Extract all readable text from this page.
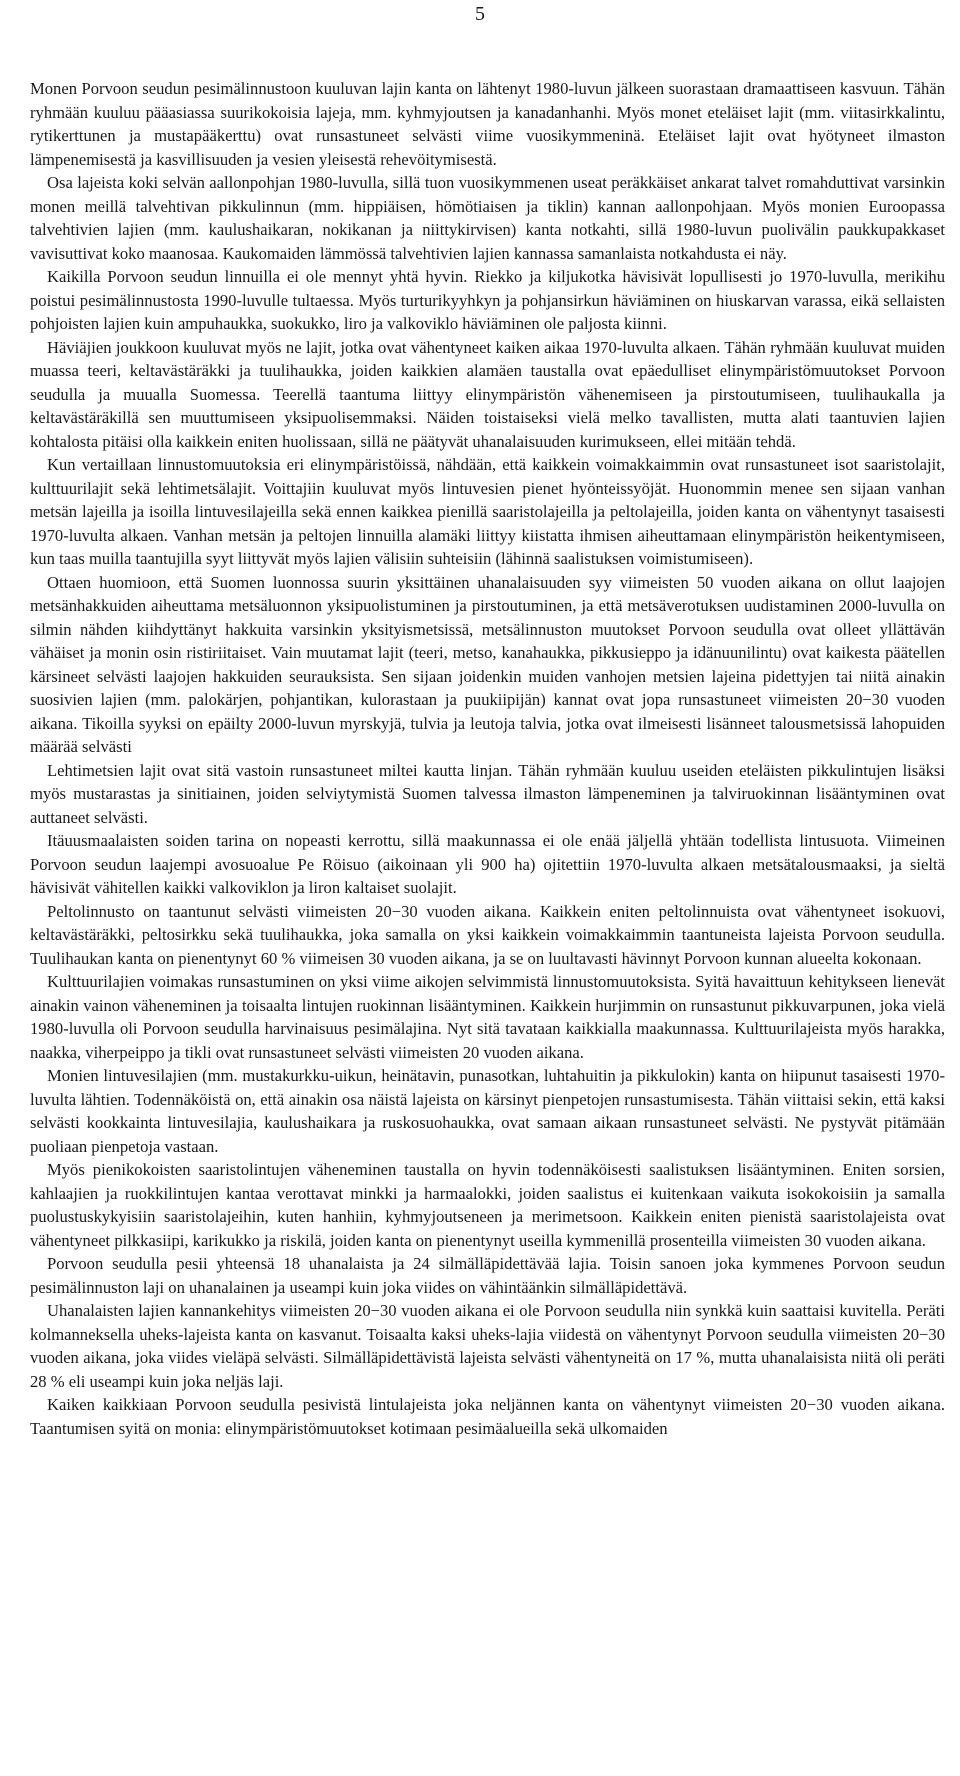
5

Monen Porvoon seudun pesimälinnustoon kuuluvan lajin kanta on lähtenyt 1980-luvun jälkeen suorastaan dramaattiseen kasvuun. Tähän ryhmään kuuluu pääasiassa suurikokoisia lajeja, mm. kyhmyjoutsen ja kanadanhanhi. Myös monet eteläiset lajit (mm. viitasirkkalintu, rytikerttunen ja mustapääkerttu) ovat runsastuneet selvästi viime vuosikymmeninä. Eteläiset lajit ovat hyötyneet ilmaston lämpenemisestä ja kasvillisuuden ja vesien yleisestä rehevöitymisestä.

Osa lajeista koki selvän aallonpohjan 1980-luvulla, sillä tuon vuosikymmenen useat peräkkäiset ankarat talvet romahduttivat varsinkin monen meillä talvehtivan pikkulinnun (mm. hippiäisen, hömötiaisen ja tiklin) kannan aallonpohjaan. Myös monien Euroopassa talvehtivien lajien (mm. kaulushaikaran, nokikanan ja niittykirvisen) kanta notkahti, sillä 1980-luvun puolivälin paukkupakkaset vavisuttivat koko maanosaa. Kaukomaiden lämmössä talvehtivien lajien kannassa samanlaista notkahdusta ei näy.

Kaikilla Porvoon seudun linnuilla ei ole mennyt yhtä hyvin. Riekko ja kiljukotka hävisivät lopullisesti jo 1970-luvulla, merikihu poistui pesimälinnustosta 1990-luvulle tultaessa. Myös turturikyyhkyn ja pohjansirkun häviäminen on hiuskarvan varassa, eikä sellaisten pohjoisten lajien kuin ampuhaukka, suokukko, liro ja valkoviklo häviäminen ole paljosta kiinni.

Häviäjien joukkoon kuuluvat myös ne lajit, jotka ovat vähentyneet kaiken aikaa 1970-luvulta alkaen. Tähän ryhmään kuuluvat muiden muassa teeri, keltavästäräkki ja tuulihaukka, joiden kaikkien alamäen taustalla ovat epäedulliset elinympäristömuutokset Porvoon seudulla ja muualla Suomessa. Teerellä taantuma liittyy elinympäristön vähenemiseen ja pirstoutumiseen, tuulihaukalla ja keltavästäräkillä sen muuttumiseen yksipuolisemmaksi. Näiden toistaiseksi vielä melko tavallisten, mutta alati taantuvien lajien kohtalosta pitäisi olla kaikkein eniten huolissaan, sillä ne päätyvät uhanalaisuuden kurimukseen, ellei mitään tehdä.

Kun vertaillaan linnustomuutoksia eri elinympäristöissä, nähdään, että kaikkein voimakkaimmin ovat runsastuneet isot saaristolajit, kulttuurilajit sekä lehtimetsälajit. Voittajiin kuuluvat myös lintuvesien pienet hyönteissyöjät. Huonommin menee sen sijaan vanhan metsän lajeilla ja isoilla lintuvesilajeilla sekä ennen kaikkea pienillä saaristolajeilla ja peltolajeilla, joiden kanta on vähentynyt tasaisesti 1970-luvulta alkaen. Vanhan metsän ja peltojen linnuilla alamäki liittyy kiistatta ihmisen aiheuttamaan elinympäristön heikentymiseen, kun taas muilla taantujilla syyt liittyvät myös lajien välisiin suhteisiin (lähinnä saalistuksen voimistumiseen).

Ottaen huomioon, että Suomen luonnossa suurin yksittäinen uhanalaisuuden syy viimeisten 50 vuoden aikana on ollut laajojen metsänhakkuiden aiheuttama metsäluonnon yksipuolistuminen ja pirstoutuminen, ja että metsäverotuksen uudistaminen 2000-luvulla on silmin nähden kiihdyttänyt hakkuita varsinkin yksityismetsissä, metsälinnuston muutokset Porvoon seudulla ovat olleet yllättävän vähäiset ja monin osin ristiriitaiset. Vain muutamat lajit (teeri, metso, kanahaukka, pikkusieppo ja idänuunilintu) ovat kaikesta päätellen kärsineet selvästi laajojen hakkuiden seurauksista. Sen sijaan joidenkin muiden vanhojen metsien lajeina pidettyjen tai niitä ainakin suosivien lajien (mm. palokärjen, pohjantikan, kulorastaan ja puukiipijän) kannat ovat jopa runsastuneet viimeisten 20−30 vuoden aikana. Tikoilla syyksi on epäilty 2000-luvun myrskyjä, tulvia ja leutoja talvia, jotka ovat ilmeisesti lisänneet talousmetsissä lahopuiden määrää selvästi

Lehtimetsien lajit ovat sitä vastoin runsastuneet miltei kautta linjan. Tähän ryhmään kuuluu useiden eteläisten pikkulintujen lisäksi myös mustarastas ja sinitiainen, joiden selviytymistä Suomen talvessa ilmaston lämpeneminen ja talviruokinnan lisääntyminen ovat auttaneet selvästi.

Itäuusmaalaisten soiden tarina on nopeasti kerrottu, sillä maakunnassa ei ole enää jäljellä yhtään todellista lintusuota. Viimeinen Porvoon seudun laajempi avosuoalue Pe Röisuo (aikoinaan yli 900 ha) ojitettiin 1970-luvulta alkaen metsätalousmaaksi, ja sieltä hävisivät vähitellen kaikki valkoviklon ja liron kaltaiset suolajit.

Peltolinnusto on taantunut selvästi viimeisten 20−30 vuoden aikana. Kaikkein eniten peltolinnuista ovat vähentyneet isokuovi, keltavästäräkki, peltosirkku sekä tuulihaukka, joka samalla on yksi kaikkein voimakkaimmin taantuneista lajeista Porvoon seudulla. Tuulihaukan kanta on pienentynyt 60 % viimeisen 30 vuoden aikana, ja se on luultavasti hävinnyt Porvoon kunnan alueelta kokonaan.

Kulttuurilajien voimakas runsastuminen on yksi viime aikojen selvimmistä linnustomuutoksista. Syitä havaittuun kehitykseen lienevät ainakin vainon väheneminen ja toisaalta lintujen ruokinnan lisääntyminen. Kaikkein hurjimmin on runsastunut pikkuvarpunen, joka vielä 1980-luvulla oli Porvoon seudulla harvinaisuus pesimälajina. Nyt sitä tavataan kaikkialla maakunnassa. Kulttuurilajeista myös harakka, naakka, viherpeippo ja tikli ovat runsastuneet selvästi viimeisten 20 vuoden aikana.

Monien lintuvesilajien (mm. mustakurkku-uikun, heinätavin, punasotkan, luhtahuitin ja pikkulokin) kanta on hiipunut tasaisesti 1970-luvulta lähtien. Todennäköistä on, että ainakin osa näistä lajeista on kärsinyt pienpetojen runsastumisesta. Tähän viittaisi sekin, että kaksi selvästi kookkainta lintuvesilajia, kaulushaikara ja ruskosuohaukka, ovat samaan aikaan runsastuneet selvästi. Ne pystyvät pitämään puoliaan pienpetoja vastaan.

Myös pienikokoisten saaristolintujen väheneminen taustalla on hyvin todennäköisesti saalistuksen lisääntyminen. Eniten sorsien, kahlaajien ja ruokkilintujen kantaa verottavat minkki ja harmaalokki, joiden saalistus ei kuitenkaan vaikuta isokokoisiin ja samalla puolustuskykyisiin saaristolajeihin, kuten hanhiin, kyhmyjoutseneen ja merimetsoon. Kaikkein eniten pienistä saaristolajeista ovat vähentyneet pilkkasiipi, karikukko ja riskilä, joiden kanta on pienentynyt useilla kymmenillä prosenteilla viimeisten 30 vuoden aikana.

Porvoon seudulla pesii yhteensä 18 uhanalaista ja 24 silmälläpidettävää lajia. Toisin sanoen joka kymmenes Porvoon seudun pesimälinnuston laji on uhanalainen ja useampi kuin joka viides on vähintäänkin silmälläpidettävä.

Uhanalaisten lajien kannankehitys viimeisten 20−30 vuoden aikana ei ole Porvoon seudulla niin synkkä kuin saattaisi kuvitella. Peräti kolmanneksella uheks-lajeista kanta on kasvanut. Toisaalta kaksi uheks-lajia viidestä on vähentynyt Porvoon seudulla viimeisten 20−30 vuoden aikana, joka viides vieläpä selvästi. Silmälläpidettävistä lajeista selvästi vähentyneitä on 17 %, mutta uhanalaisista niitä oli peräti 28 % eli useampi kuin joka neljäs laji.

Kaiken kaikkiaan Porvoon seudulla pesivistä lintulajeista joka neljännen kanta on vähentynyt viimeisten 20−30 vuoden aikana. Taantumisen syitä on monia: elinympäristömuutokset kotimaan pesimäalueilla sekä ulkomaiden
